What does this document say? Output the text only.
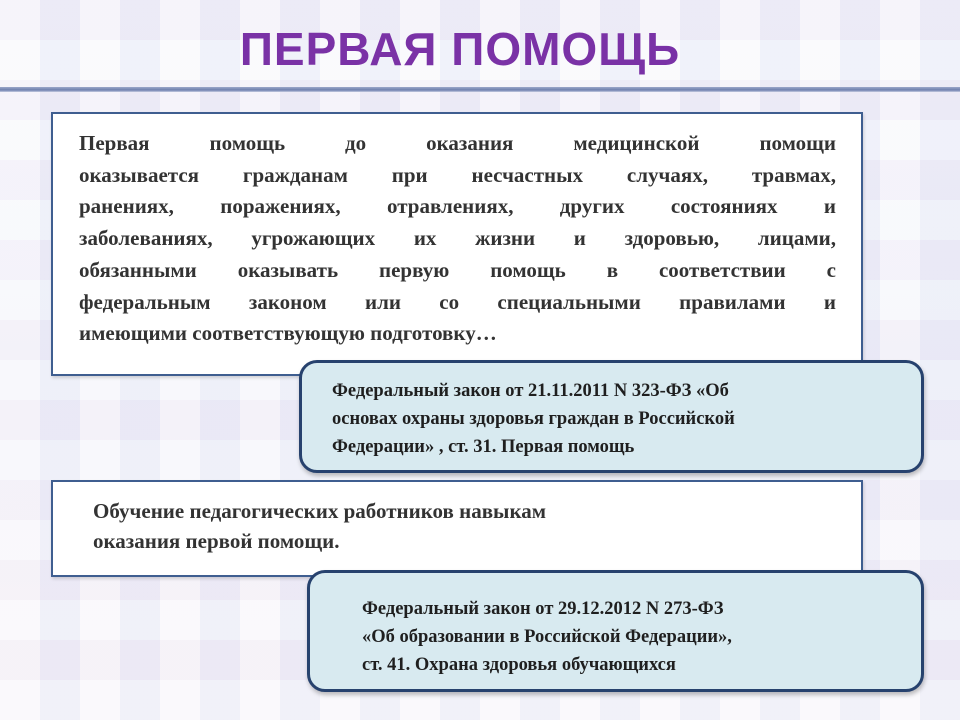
ПЕРВАЯ ПОМОЩЬ
Первая помощь до оказания медицинской помощи
оказывается гражданам при несчастных случаях, травмах,
ранениях, поражениях, отравлениях, других состояниях и
заболеваниях, угрожающих их жизни и здоровью, лицами,
обязанными оказывать первую помощь в соответствии с
федеральным законом или со специальными правилами и
имеющими соответствующую подготовку…
Федеральный закон от 21.11.2011 N 323-ФЗ «Об
основах охраны здоровья граждан в Российской
Федерации» , ст. 31. Первая помощь
Обучение педагогических работников навыкам
оказания первой помощи.
Федеральный закон от 29.12.2012 N 273-ФЗ
«Об образовании в Российской Федерации»,
ст. 41. Охрана здоровья обучающихся
